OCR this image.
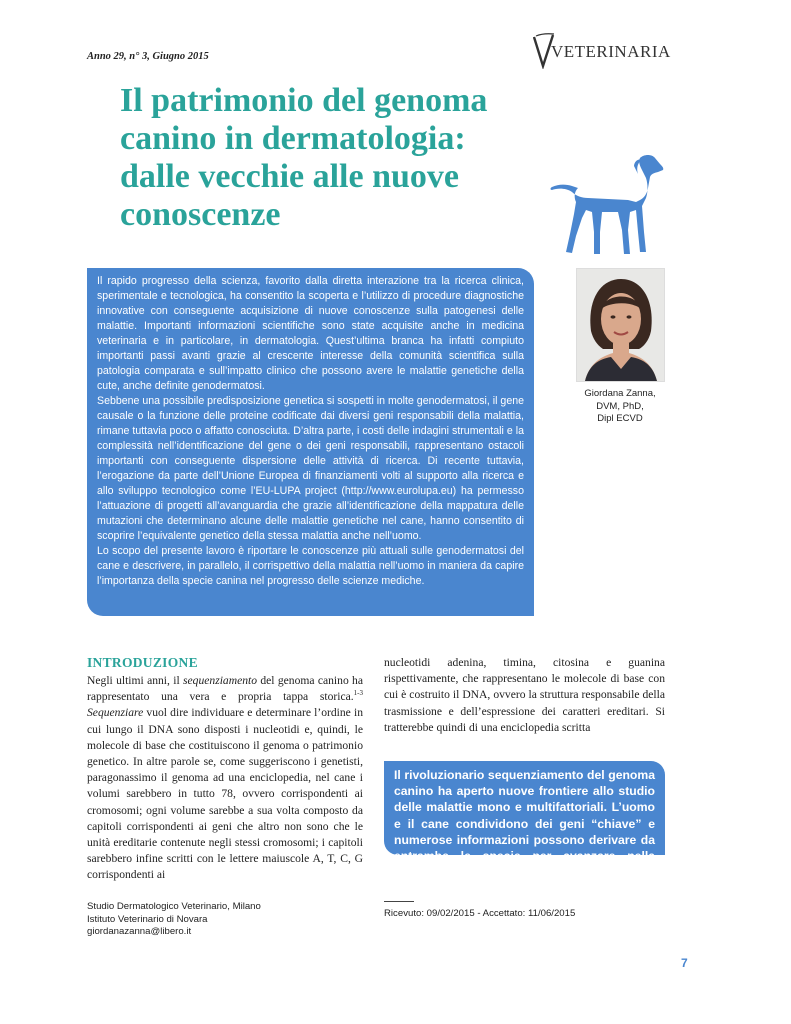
Anno 29, n° 3, Giugno 2015	VETERINARIA
Il patrimonio del genoma
canino in dermatologia:
dalle vecchie alle nuove
conoscenze

Il rapido progresso della scienza, favorito dalla diretta interazione tra la ricerca clinica, sperimentale e tecnologica, ha consentito la scoperta e l’utilizzo di procedure diagnostiche innovative con conseguente acquisizione di nuove conoscenze sulla patogenesi delle malattie. Importanti informazioni scientifiche sono state acquisite anche in medicina veterinaria e in particolare, in dermatologia. Quest’ultima branca ha infatti compiuto importanti passi avanti grazie al crescente interesse della comunità scientifica sulla patologia comparata e sull’impatto clinico che possono avere le malattie genetiche della cute, anche definite genodermatosi.

Sebbene una possibile predisposizione genetica si sospetti in molte genodermatosi, il gene causale o la funzione delle proteine codificate dai diversi geni responsabili della malattia, rimane tuttavia poco o affatto conosciuta. D’altra parte, i costi delle indagini strumentali e la complessità nell’identificazione del gene o dei geni responsabili, rappresentano ostacoli importanti con conseguente dispersione delle attività di ricerca. Di recente tuttavia, l’erogazione da parte dell’Unione Europea di finanziamenti volti al supporto alla ricerca e allo sviluppo tecnologico come l’EU-LUPA project (http://www.eurolupa.eu) ha permesso l’attuazione di progetti all’avanguardia che grazie all’identificazione della mappatura delle mutazioni che determinano alcune delle malattie genetiche nel cane, hanno consentito di scoprire l’equivalente genetico della stessa malattia anche nell’uomo.

Lo scopo del presente lavoro è riportare le conoscenze più attuali sulle genodermatosi del cane e descrivere, in parallelo, il corrispettivo della malattia nell’uomo in maniera da capire l’importanza della specie canina nel progresso delle scienze mediche.

Giordana Zanna,
DVM, PhD,
Dipl ECVD
INTRODUZIONE

Negli ultimi anni, il sequenziamento del genoma canino ha rappresentato una vera e propria tappa storica.$^{1-3}$ Sequenziare vuol dire individuare e determinare l’ordine in cui lungo il DNA sono disposti i nucleotidi e, quindi, le molecole di base che costituiscono il genoma o patrimonio genetico. In altre parole se, come suggeriscono i genetisti, paragonassimo il genoma ad una enciclopedia, nel cane i volumi sarebbero in tutto 78, ovvero corrispondenti ai cromosomi; ogni volume sarebbe a sua volta composto da capitoli corrispondenti ai geni che altro non sono che le unità ereditarie contenute negli stessi cromosomi; i capitoli sarebbero infine scritti con le lettere maiuscole A, T, C, G corrispondenti ai

nucleotidi adenina, timina, citosina e guanina rispettivamente, che rappresentano le molecole di base con cui è costruito il DNA, ovvero la struttura responsabile della trasmissione e dell’espressione dei caratteri ereditari. Si tratterebbe quindi di una enciclopedia scritta

Il rivoluzionario sequenziamento del genoma canino ha aperto nuove frontiere allo studio delle malattie mono e multifattoriali. L’uomo e il cane condividono dei geni “chiave” e numerose informazioni possono derivare da entrambe le specie per avanzare nella ricerca genetica.
Studio Dermatologico Veterinario, Milano
Istituto Veterinario di Novara
giordanazanna@libero.it
Ricevuto: 09/02/2015 - Accettato: 11/06/2015
7
